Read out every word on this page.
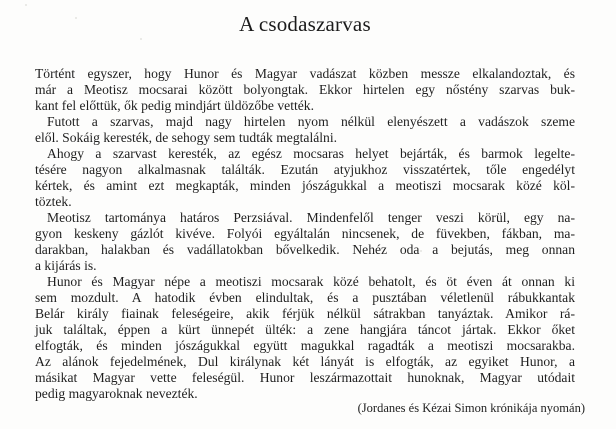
A csodaszarvas
Történt egyszer, hogy Hunor és Magyar vadászat közben messze elkalandoztak, és
már a Meotisz mocsarai között bolyongtak. Ekkor hirtelen egy nőstény szarvas buk-
kant fel előttük, ők pedig mindjárt üldözőbe vették.
Futott a szarvas, majd nagy hirtelen nyom nélkül elenyészett a vadászok szeme
elől. Sokáig keresték, de sehogy sem tudták megtalálni.
Ahogy a szarvast keresték, az egész mocsaras helyet bejárták, és barmok legelte-
tésére nagyon alkalmasnak találták. Ezután atyjukhoz visszatértek, tőle engedélyt
kértek, és amint ezt megkapták, minden jószágukkal a meotiszi mocsarak közé köl-
töztek.
Meotisz tartománya határos Perzsiával. Mindenfelől tenger veszi körül, egy na-
gyon keskeny gázlót kivéve. Folyói egyáltalán nincsenek, de füvekben, fákban, ma-
darakban, halakban és vadállatokban bővelkedik. Nehéz oda a bejutás, meg onnan
a kijárás is.
Hunor és Magyar népe a meotiszi mocsarak közé behatolt, és öt éven át onnan ki
sem mozdult. A hatodik évben elindultak, és a pusztában véletlenül rábukkantak
Belár király fiainak feleségeire, akik férjük nélkül sátrakban tanyáztak. Amikor rá-
juk találtak, éppen a kürt ünnepét ülték: a zene hangjára táncot jártak. Ekkor őket
elfogták, és minden jószágukkal együtt magukkal ragadták a meotiszi mocsarakba.
Az alánok fejedelmének, Dul királynak két lányát is elfogták, az egyiket Hunor, a
másikat Magyar vette feleségül. Hunor leszármazottait hunoknak, Magyar utódait
pedig magyaroknak nevezték.
(Jordanes és Kézai Simon krónikája nyomán)
